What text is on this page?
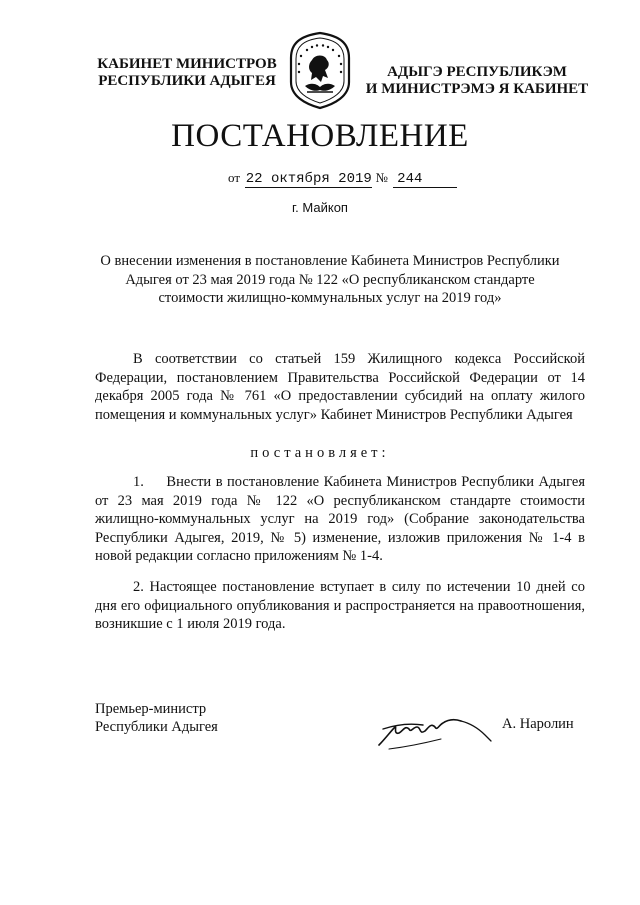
КАБИНЕТ МИНИСТРОВ
РЕСПУБЛИКИ АДЫГЕЯ
АДЫГЭ РЕСПУБЛИКЭМ
И МИНИСТРЭМЭ Я КАБИНЕТ
ПОСТАНОВЛЕНИЕ
от 22 октября 2019 № 244
г. Майкоп
О внесении изменения в постановление Кабинета Министров Республики Адыгея от 23 мая 2019 года № 122 «О республиканском стандарте стоимости жилищно-коммунальных услуг на 2019 год»

В соответствии со статьей 159 Жилищного кодекса Российской Федерации, постановлением Правительства Российской Федерации от 14 декабря 2005 года № 761 «О предоставлении субсидий на оплату жилого помещения и коммунальных услуг» Кабинет Министров Республики Адыгея

постановляет:

1.     Внести в постановление Кабинета Министров Республики Адыгея от 23 мая 2019 года № 122 «О республиканском стандарте стоимости жилищно-коммунальных услуг на 2019 год» (Собрание законодательства Республики Адыгея, 2019, № 5) изменение, изложив приложения № 1-4 в новой редакции согласно приложениям № 1-4.

2. Настоящее постановление вступает в силу по истечении 10 дней со дня его официального опубликования и распространяется на правоотношения, возникшие с 1 июля 2019 года.

Премьер-министр
Республики Адыгея	А. Наролин
